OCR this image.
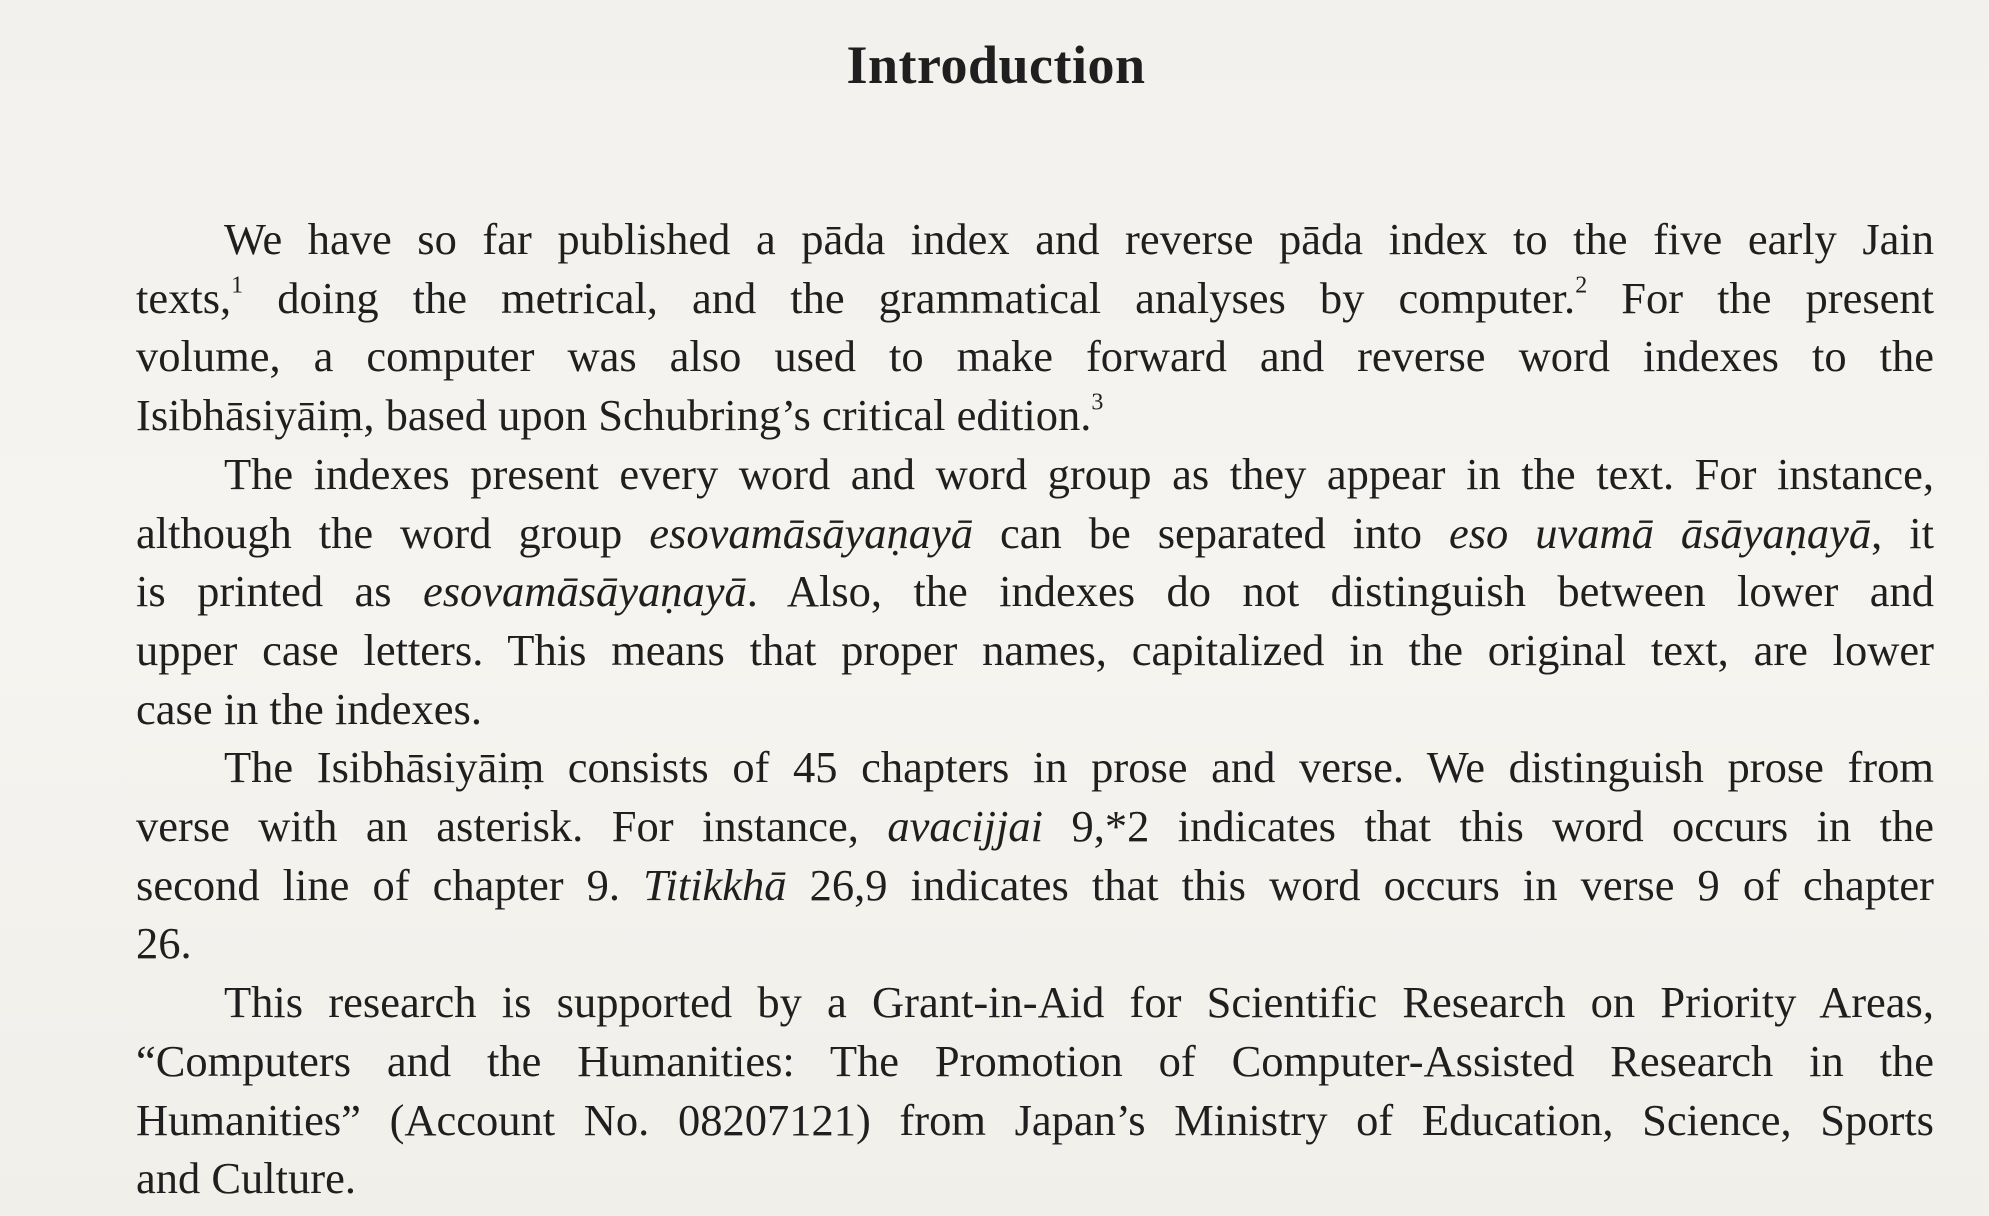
Introduction
We have so far published a pāda index and reverse pāda index to the five early Jain
texts,$^1$ doing the metrical, and the grammatical analyses by computer.$^2$ For the present
volume, a computer was also used to make forward and reverse word indexes to the
Isibhāsiyāiṃ, based upon Schubring’s critical edition.$^3$
The indexes present every word and word group as they appear in the text. For instance,
although the word group esovamāsāyaṇayā can be separated into eso uvamā āsāyaṇayā, it
is printed as esovamāsāyaṇayā. Also, the indexes do not distinguish between lower and
upper case letters. This means that proper names, capitalized in the original text, are lower
case in the indexes.
The Isibhāsiyāiṃ consists of 45 chapters in prose and verse. We distinguish prose from
verse with an asterisk. For instance, avacijjai 9,*2 indicates that this word occurs in the
second line of chapter 9. Titikkhā 26,9 indicates that this word occurs in verse 9 of chapter
26.
This research is supported by a Grant-in-Aid for Scientific Research on Priority Areas,
“Computers and the Humanities: The Promotion of Computer-Assisted Research in the
Humanities” (Account No. 08207121) from Japan’s Ministry of Education, Science, Sports
and Culture.
